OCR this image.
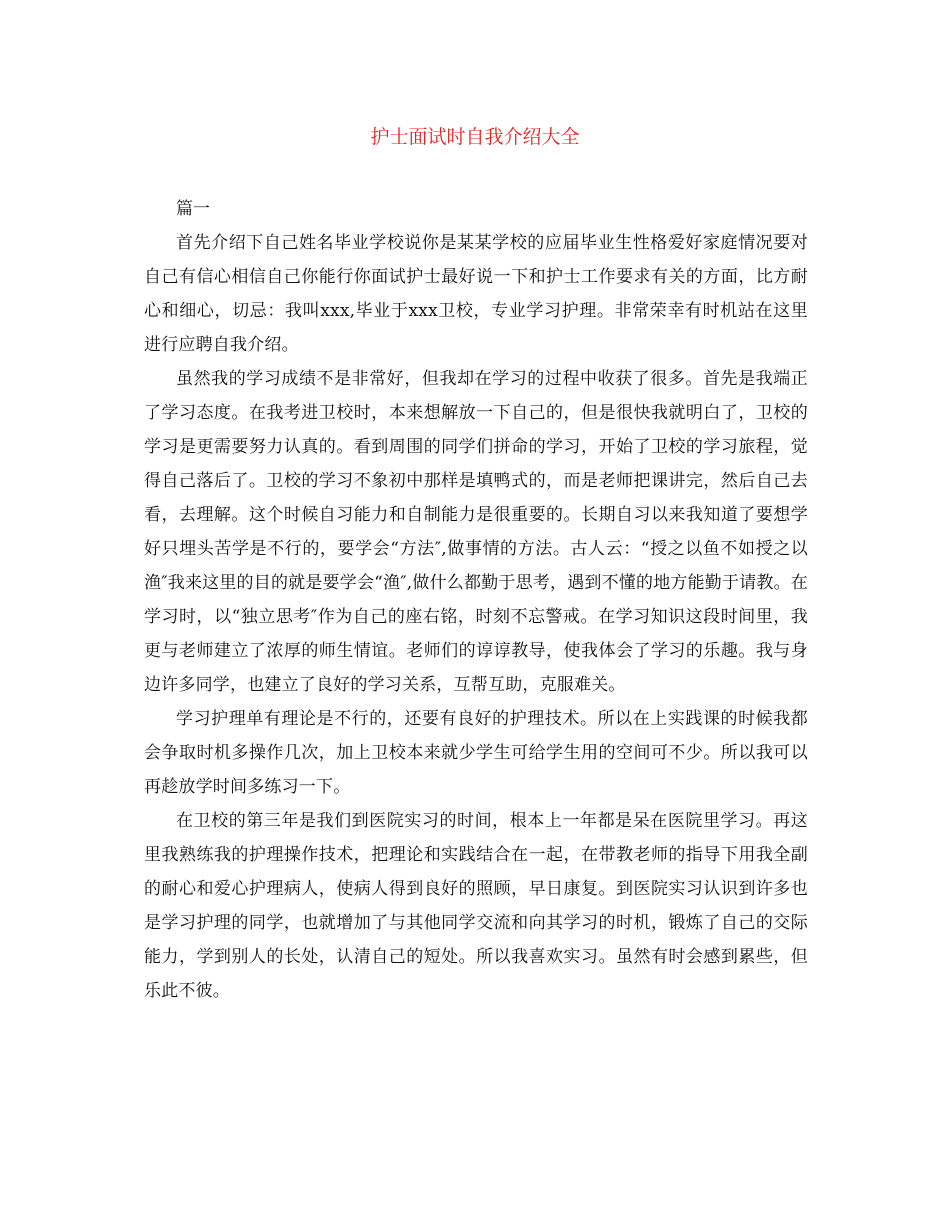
护士面试时自我介绍大全

篇一

首先介绍下自己姓名毕业学校说你是某某学校的应届毕业生性格爱好家庭情况要对自己有信心相信自己你能行你面试护士最好说一下和护士工作要求有关的方面，比方耐心和细心，切忌：我叫xxx,毕业于xxx卫校，专业学习护理。非常荣幸有时机站在这里进行应聘自我介绍。

虽然我的学习成绩不是非常好，但我却在学习的过程中收获了很多。首先是我端正了学习态度。在我考进卫校时，本来想解放一下自己的，但是很快我就明白了，卫校的学习是更需要努力认真的。看到周围的同学们拼命的学习，开始了卫校的学习旅程，觉得自己落后了。卫校的学习不象初中那样是填鸭式的，而是老师把课讲完，然后自己去看，去理解。这个时候自习能力和自制能力是很重要的。长期自习以来我知道了要想学好只埋头苦学是不行的，要学会“方法″,做事情的方法。古人云：“授之以鱼不如授之以渔″我来这里的目的就是要学会“渔″,做什么都勤于思考，遇到不懂的地方能勤于请教。在学习时，以“独立思考″作为自己的座右铭，时刻不忘警戒。在学习知识这段时间里，我更与老师建立了浓厚的师生情谊。老师们的谆谆教导，使我体会了学习的乐趣。我与身边许多同学，也建立了良好的学习关系，互帮互助，克服难关。

学习护理单有理论是不行的，还要有良好的护理技术。所以在上实践课的时候我都会争取时机多操作几次，加上卫校本来就少学生可给学生用的空间可不少。所以我可以再趁放学时间多练习一下。

在卫校的第三年是我们到医院实习的时间，根本上一年都是呆在医院里学习。再这里我熟练我的护理操作技术，把理论和实践结合在一起，在带教老师的指导下用我全副的耐心和爱心护理病人，使病人得到良好的照顾，早日康复。到医院实习认识到许多也是学习护理的同学，也就增加了与其他同学交流和向其学习的时机，锻炼了自己的交际能力，学到别人的长处，认清自己的短处。所以我喜欢实习。虽然有时会感到累些，但乐此不彼。
